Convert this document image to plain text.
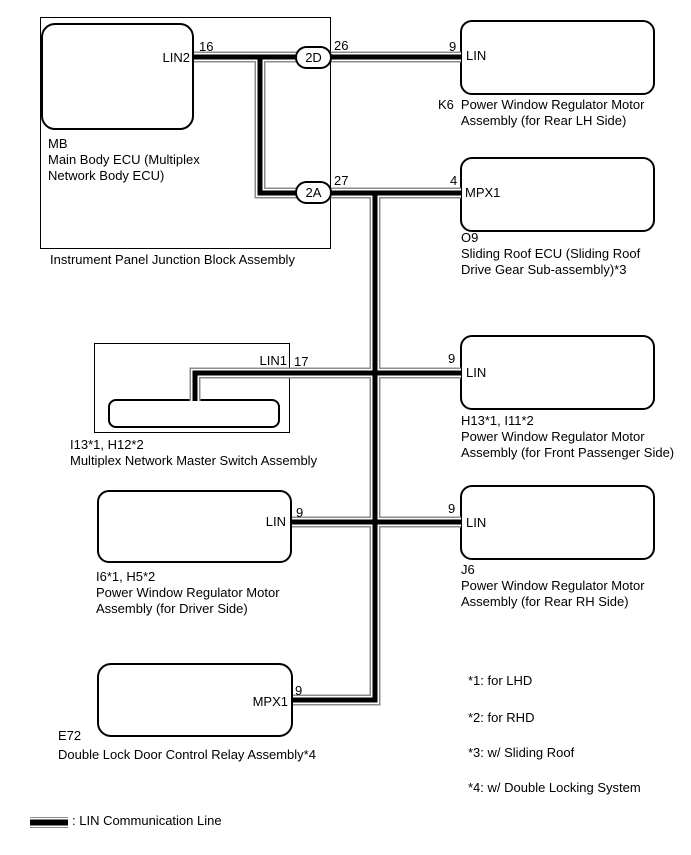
2D
2A
16	26	9
27	4
17	9
9	9
9
LIN2	LIN
MPX1
LIN1
LIN
LIN	LIN
MPX1
MB
Main Body ECU (Multiplex
Network Body ECU)
Instrument Panel Junction Block Assembly
K6 Power Window Regulator Motor
Assembly (for Rear LH Side)
O9
Sliding Roof ECU (Sliding Roof
Drive Gear Sub-assembly)*3
I13*1, H12*2
Multiplex Network Master Switch Assembly
H13*1, I11*2
Power Window Regulator Motor
Assembly (for Front Passenger Side)
I6*1, H5*2
Power Window Regulator Motor
Assembly (for Driver Side)
J6
Power Window Regulator Motor
Assembly (for Rear RH Side)
E72
Double Lock Door Control Relay Assembly*4
*1: for LHD
*2: for RHD
*3: w/ Sliding Roof
*4: w/ Double Locking System
: LIN Communication Line
